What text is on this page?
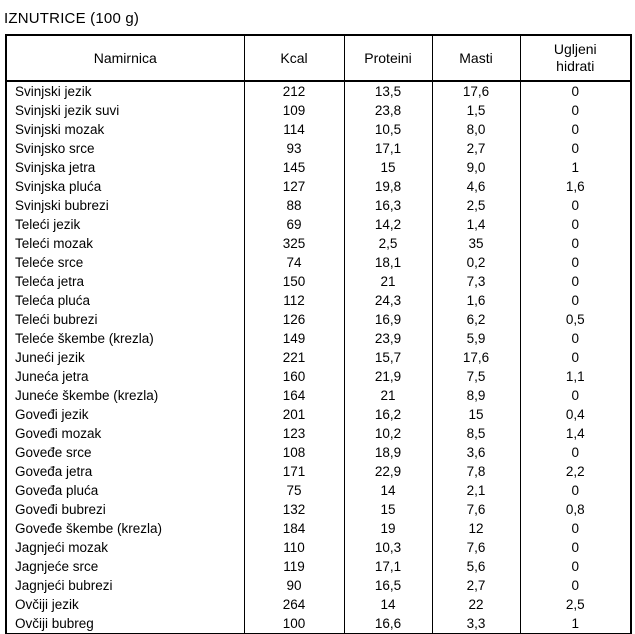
IZNUTRICE (100 g)
Namirnica	Kcal	Proteini	Masti	Ugljeni hidrati
Svinjski jezik	212	13,5	17,6	0
Svinjski jezik suvi	109	23,8	1,5	0
Svinjski mozak	114	10,5	8,0	0
Svinjsko srce	93	17,1	2,7	0
Svinjska jetra	145	15	9,0	1
Svinjska pluća	127	19,8	4,6	1,6
Svinjski bubrezi	88	16,3	2,5	0
Teleći jezik	69	14,2	1,4	0
Teleći mozak	325	2,5	35	0
Teleće srce	74	18,1	0,2	0
Teleća jetra	150	21	7,3	0
Teleća pluća	112	24,3	1,6	0
Teleći bubrezi	126	16,9	6,2	0,5
Teleće škembe (krezla)	149	23,9	5,9	0
Juneći jezik	221	15,7	17,6	0
Juneća jetra	160	21,9	7,5	1,1
Juneće škembe (krezla)	164	21	8,9	0
Goveđi jezik	201	16,2	15	0,4
Goveđi mozak	123	10,2	8,5	1,4
Goveđe srce	108	18,9	3,6	0
Goveđa jetra	171	22,9	7,8	2,2
Goveđa pluća	75	14	2,1	0
Goveđi bubrezi	132	15	7,6	0,8
Goveđe škembe (krezla)	184	19	12	0
Jagnjeći mozak	110	10,3	7,6	0
Jagnjeće srce	119	17,1	5,6	0
Jagnjeći bubrezi	90	16,5	2,7	0
Ovčiji jezik	264	14	22	2,5
Ovčiji bubreg	100	16,6	3,3	1
